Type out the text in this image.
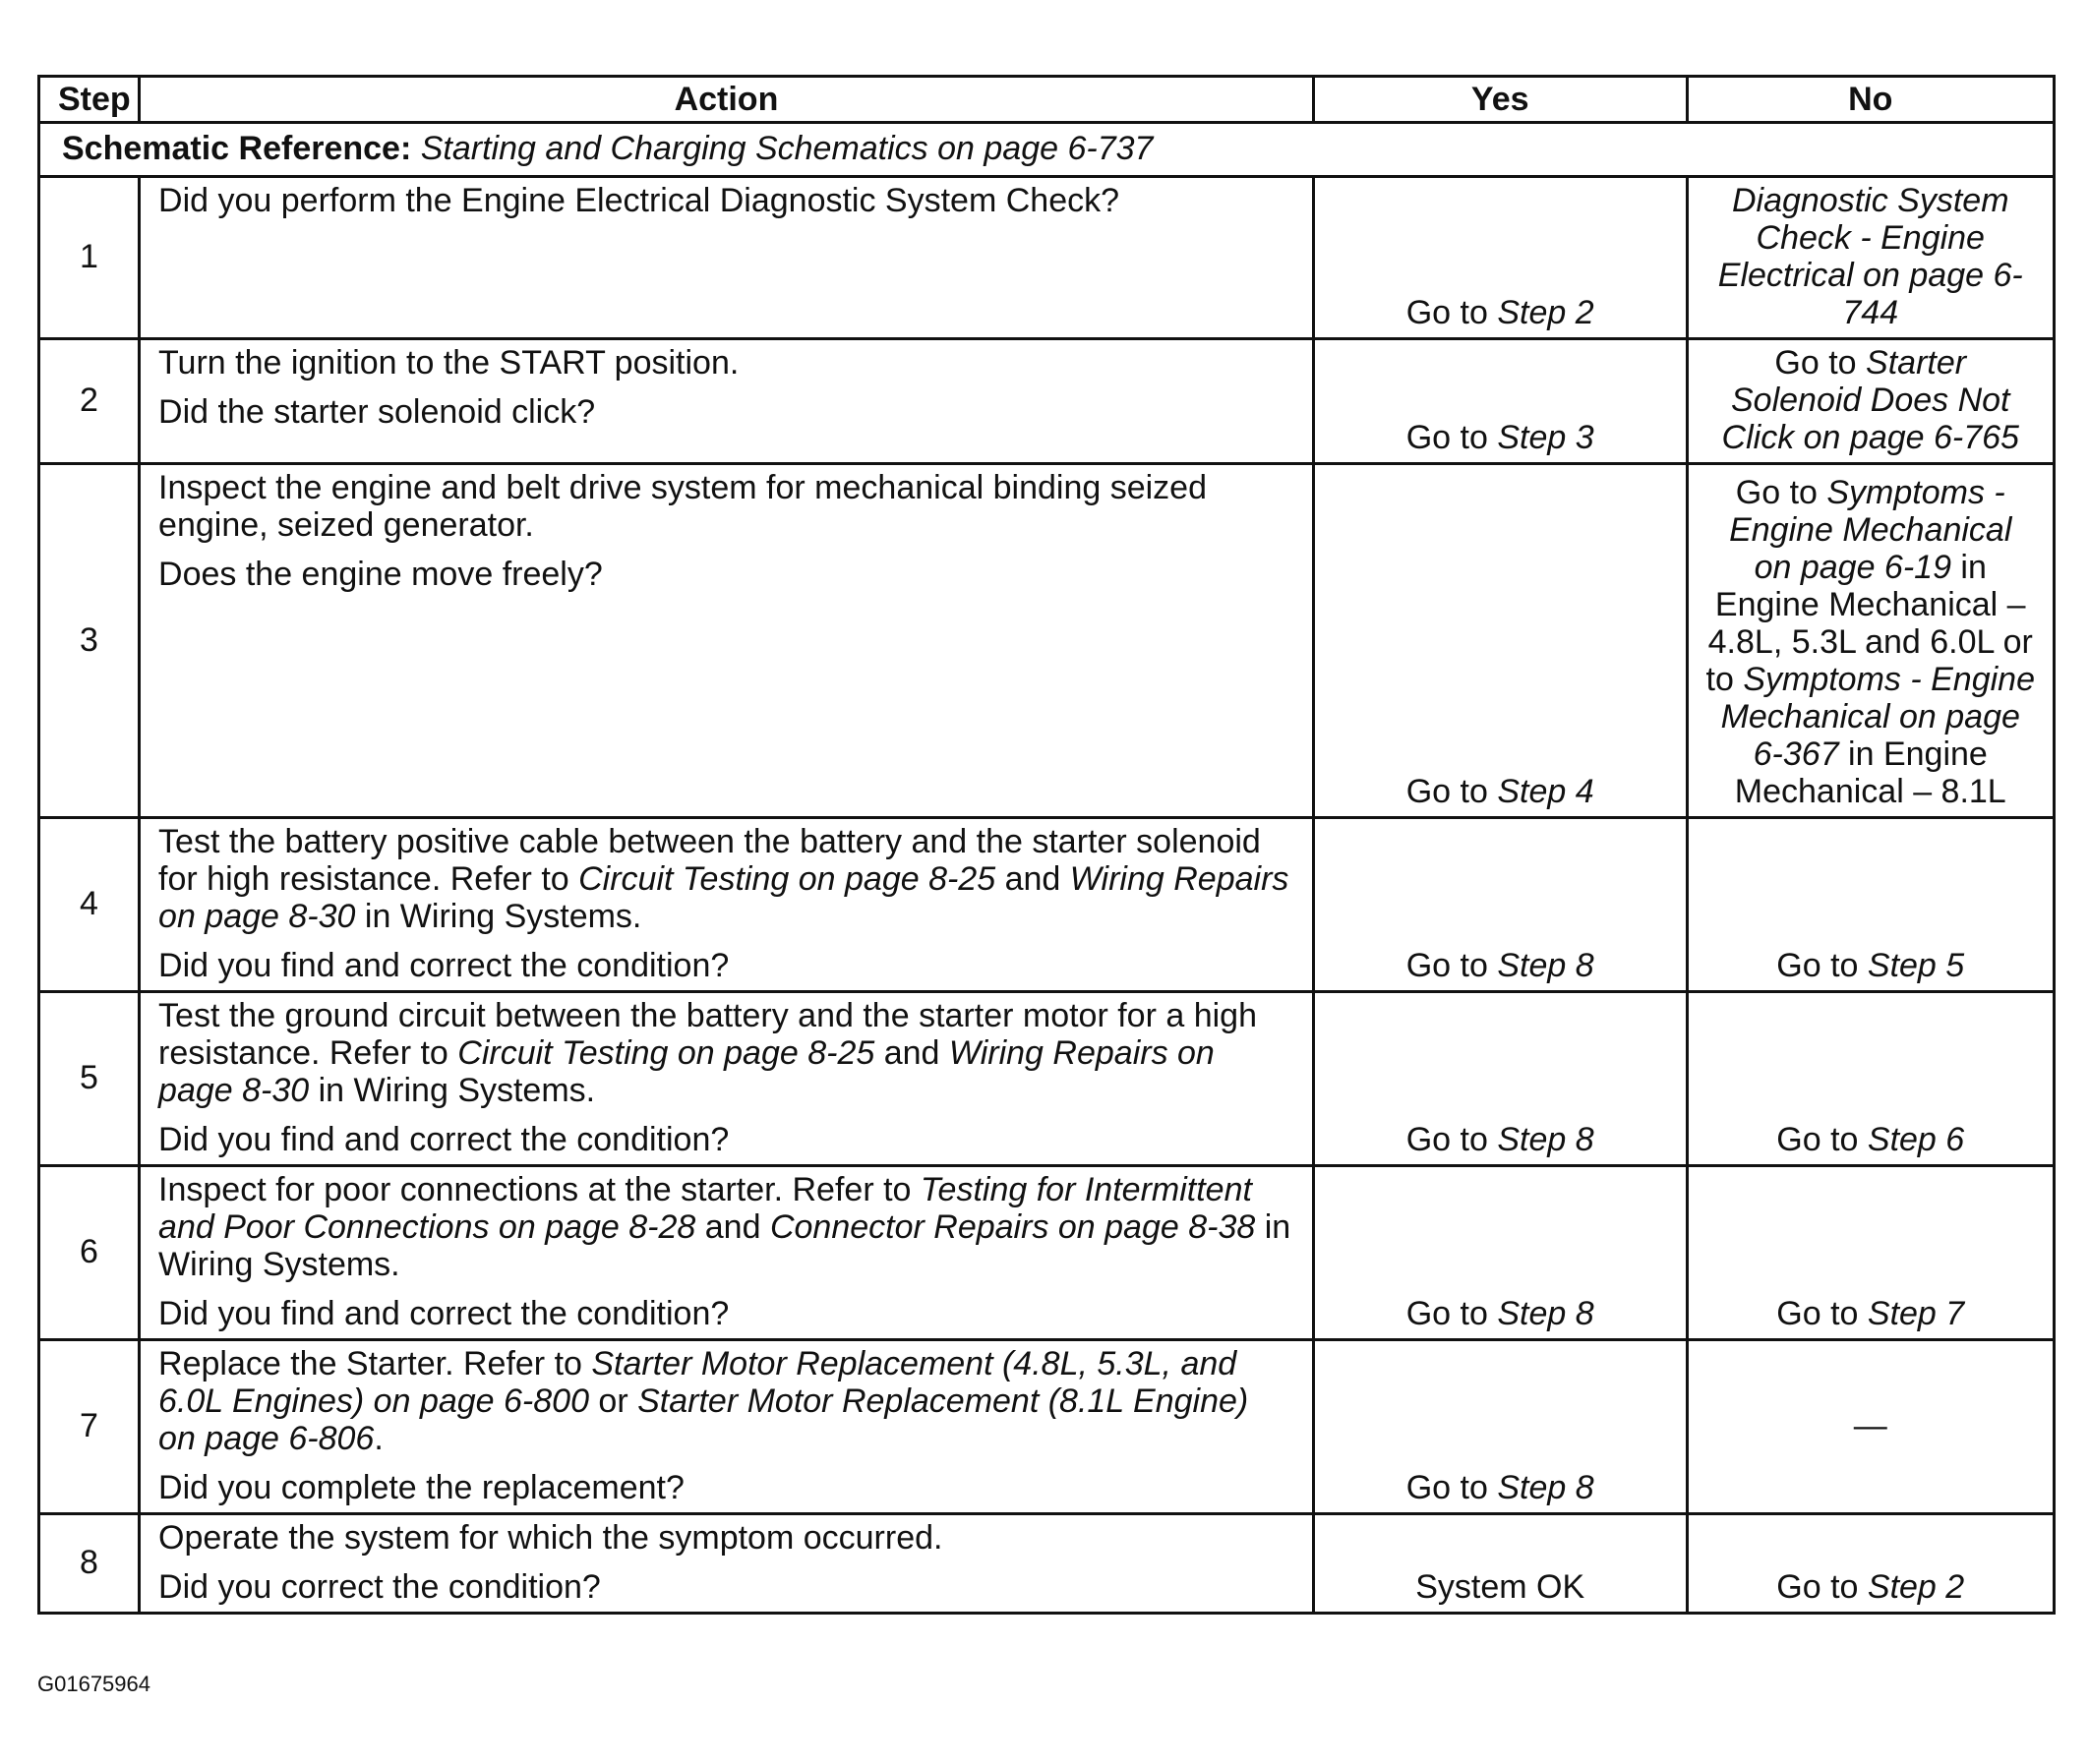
Step	Action	Yes	No
Schematic Reference: Starting and Charging Schematics on page 6-737			
1	Did you perform the Engine Electrical Diagnostic System Check?	Go to Step 2	Diagnostic System Check - Engine Electrical on page 6-744
2	Turn the ignition to the START position.
Did the starter solenoid click?	Go to Step 3	Go to Starter Solenoid Does Not Click on page 6-765
3	Inspect the engine and belt drive system for mechanical binding seized engine, seized generator.
Does the engine move freely?	Go to Step 4	Go to Symptoms - Engine Mechanical on page 6-19 in Engine Mechanical – 4.8L, 5.3L and 6.0L or to Symptoms - Engine Mechanical on page 6-367 in Engine Mechanical – 8.1L
4	Test the battery positive cable between the battery and the starter solenoid for high resistance. Refer to Circuit Testing on page 8-25 and Wiring Repairs on page 8-30 in Wiring Systems.
Did you find and correct the condition?	Go to Step 8	Go to Step 5
5	Test the ground circuit between the battery and the starter motor for a high resistance. Refer to Circuit Testing on page 8-25 and Wiring Repairs on page 8-30 in Wiring Systems.
Did you find and correct the condition?	Go to Step 8	Go to Step 6
6	Inspect for poor connections at the starter. Refer to Testing for Intermittent and Poor Connections on page 8-28 and Connector Repairs on page 8-38 in Wiring Systems.
Did you find and correct the condition?	Go to Step 8	Go to Step 7
7	Replace the Starter. Refer to Starter Motor Replacement (4.8L, 5.3L, and 6.0L Engines) on page 6-800 or Starter Motor Replacement (8.1L Engine) on page 6-806.
Did you complete the replacement?	Go to Step 8	—
8	Operate the system for which the symptom occurred.
Did you correct the condition?	System OK	Go to Step 2
G01675964
